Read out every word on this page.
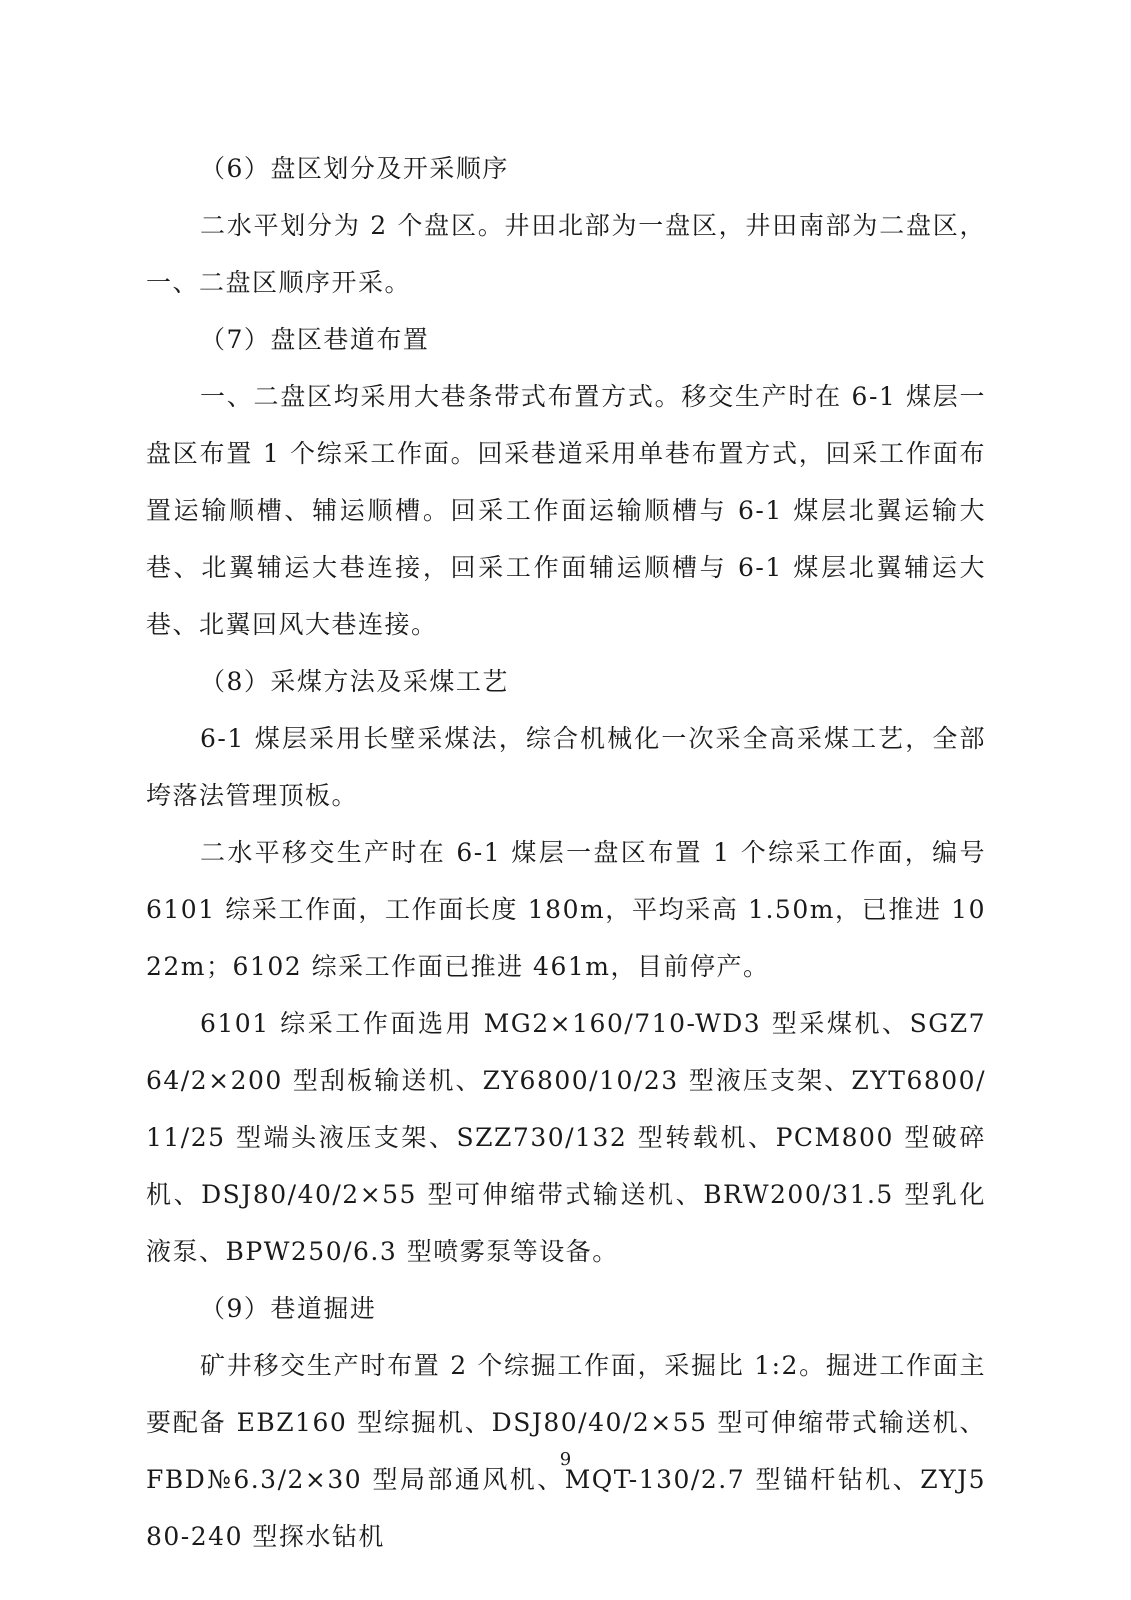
（6）盘区划分及开采顺序

二水平划分为 2 个盘区。井田北部为一盘区，井田南部为二盘区，一、二盘区顺序开采。

（7）盘区巷道布置

一、二盘区均采用大巷条带式布置方式。移交生产时在 6-1 煤层一盘区布置 1 个综采工作面。回采巷道采用单巷布置方式，回采工作面布置运输顺槽、辅运顺槽。回采工作面运输顺槽与 6-1 煤层北翼运输大巷、北翼辅运大巷连接，回采工作面辅运顺槽与 6-1 煤层北翼辅运大巷、北翼回风大巷连接。

（8）采煤方法及采煤工艺

6-1 煤层采用长壁采煤法，综合机械化一次采全高采煤工艺，全部垮落法管理顶板。

二水平移交生产时在 6-1 煤层一盘区布置 1 个综采工作面，编号 6101 综采工作面，工作面长度 180m，平均采高 1.50m，已推进 1022m；6102 综采工作面已推进 461m，目前停产。

6101 综采工作面选用 MG2×160/710-WD3 型采煤机、SGZ764/2×200 型刮板输送机、ZY6800/10/23 型液压支架、ZYT6800/11/25 型端头液压支架、SZZ730/132 型转载机、PCM800 型破碎机、DSJ80/40/2×55 型可伸缩带式输送机、BRW200/31.5 型乳化液泵、BPW250/6.3 型喷雾泵等设备。

（9）巷道掘进

矿井移交生产时布置 2 个综掘工作面，采掘比 1:2。掘进工作面主要配备 EBZ160 型综掘机、DSJ80/40/2×55 型可伸缩带式输送机、FBD№6.3/2×30 型局部通风机、MQT-130/2.7 型锚杆钻机、ZYJ580-240 型探水钻机

9
